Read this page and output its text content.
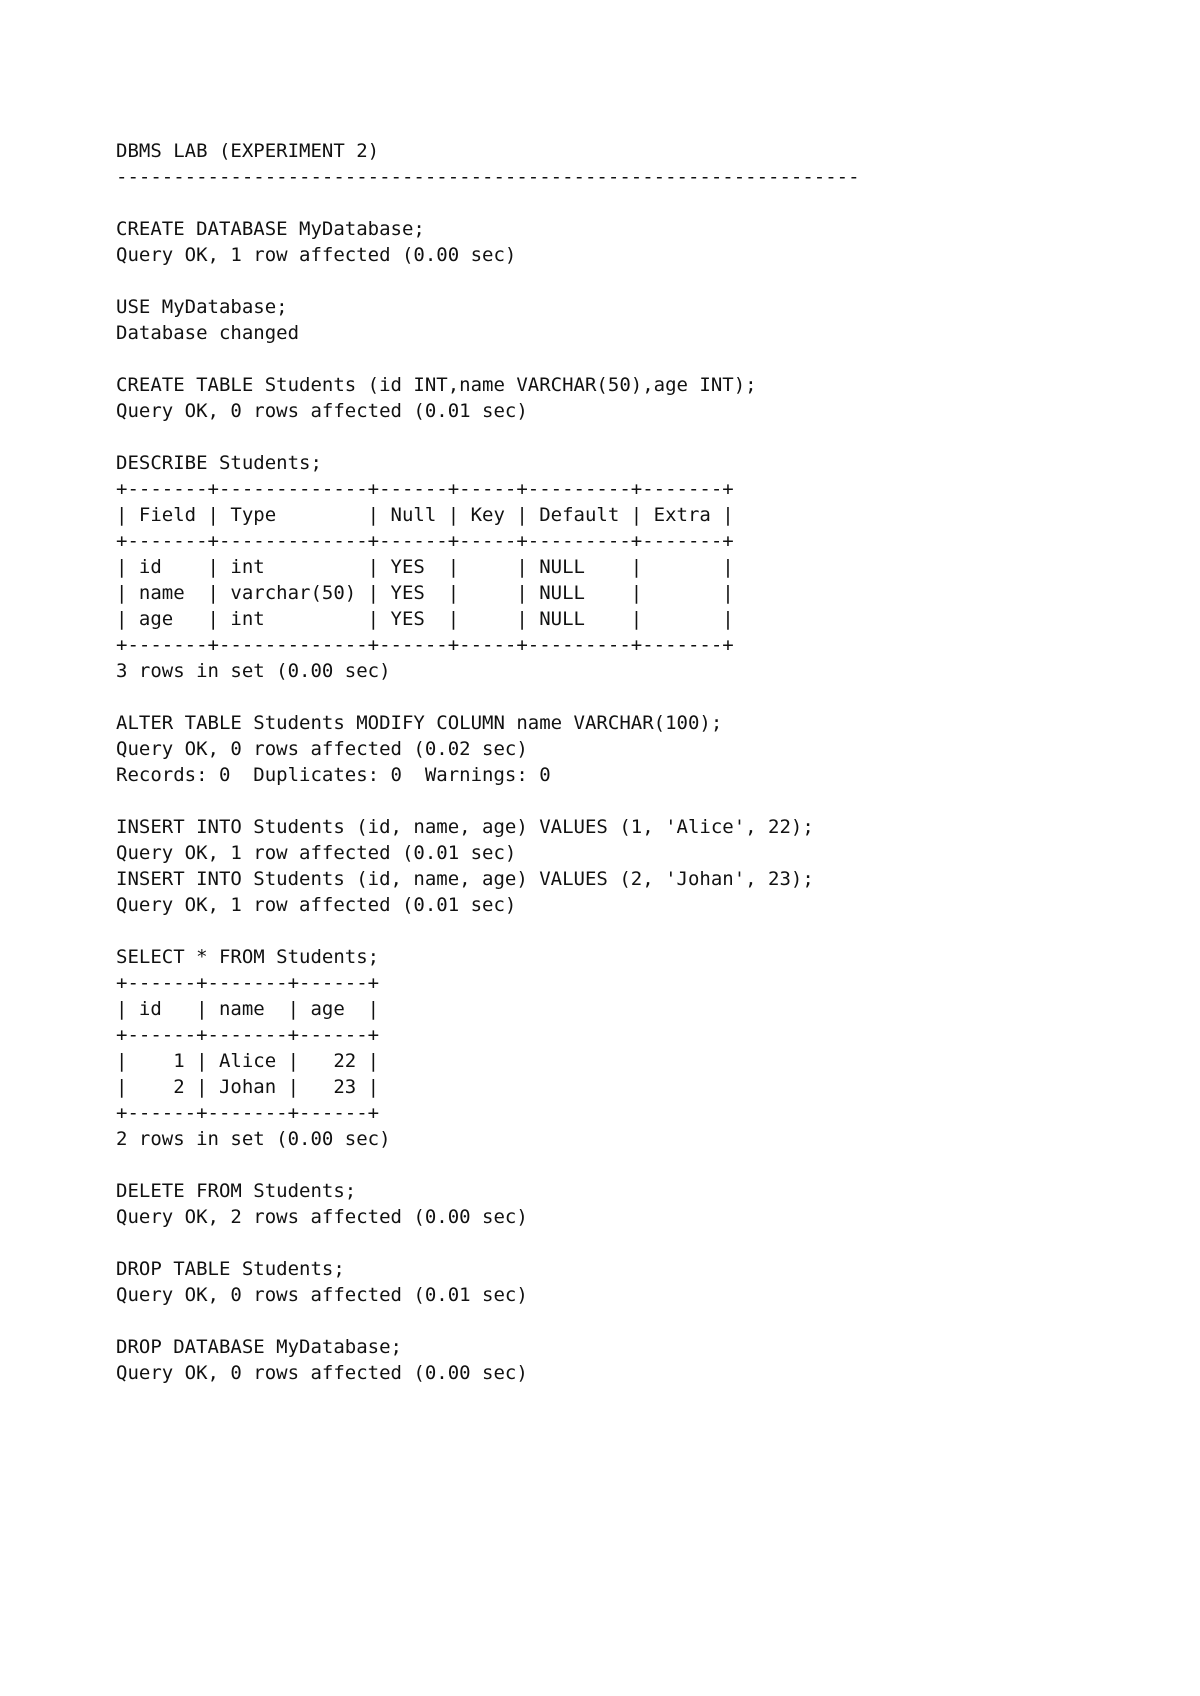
DBMS LAB (EXPERIMENT 2)
-----------------------------------------------------------------
CREATE DATABASE MyDatabase;
Query OK, 1 row affected (0.00 sec)
USE MyDatabase;
Database changed
CREATE TABLE Students (id INT,name VARCHAR(50),age INT);
Query OK, 0 rows affected (0.01 sec)
DESCRIBE Students;
+-------+-------------+------+-----+---------+-------+
| Field | Type        | Null | Key | Default | Extra |
+-------+-------------+------+-----+---------+-------+
| id    | int         | YES  |     | NULL    |       |
| name  | varchar(50) | YES  |     | NULL    |       |
| age   | int         | YES  |     | NULL    |       |
+-------+-------------+------+-----+---------+-------+
3 rows in set (0.00 sec)
ALTER TABLE Students MODIFY COLUMN name VARCHAR(100);
Query OK, 0 rows affected (0.02 sec)
Records: 0  Duplicates: 0  Warnings: 0
INSERT INTO Students (id, name, age) VALUES (1, 'Alice', 22);
Query OK, 1 row affected (0.01 sec)
INSERT INTO Students (id, name, age) VALUES (2, 'Johan', 23);
Query OK, 1 row affected (0.01 sec)
SELECT * FROM Students;
+------+-------+------+
| id   | name  | age  |
+------+-------+------+
|    1 | Alice |   22 |
|    2 | Johan |   23 |
+------+-------+------+
2 rows in set (0.00 sec)
DELETE FROM Students;
Query OK, 2 rows affected (0.00 sec)
DROP TABLE Students;
Query OK, 0 rows affected (0.01 sec)
DROP DATABASE MyDatabase;
Query OK, 0 rows affected (0.00 sec)
